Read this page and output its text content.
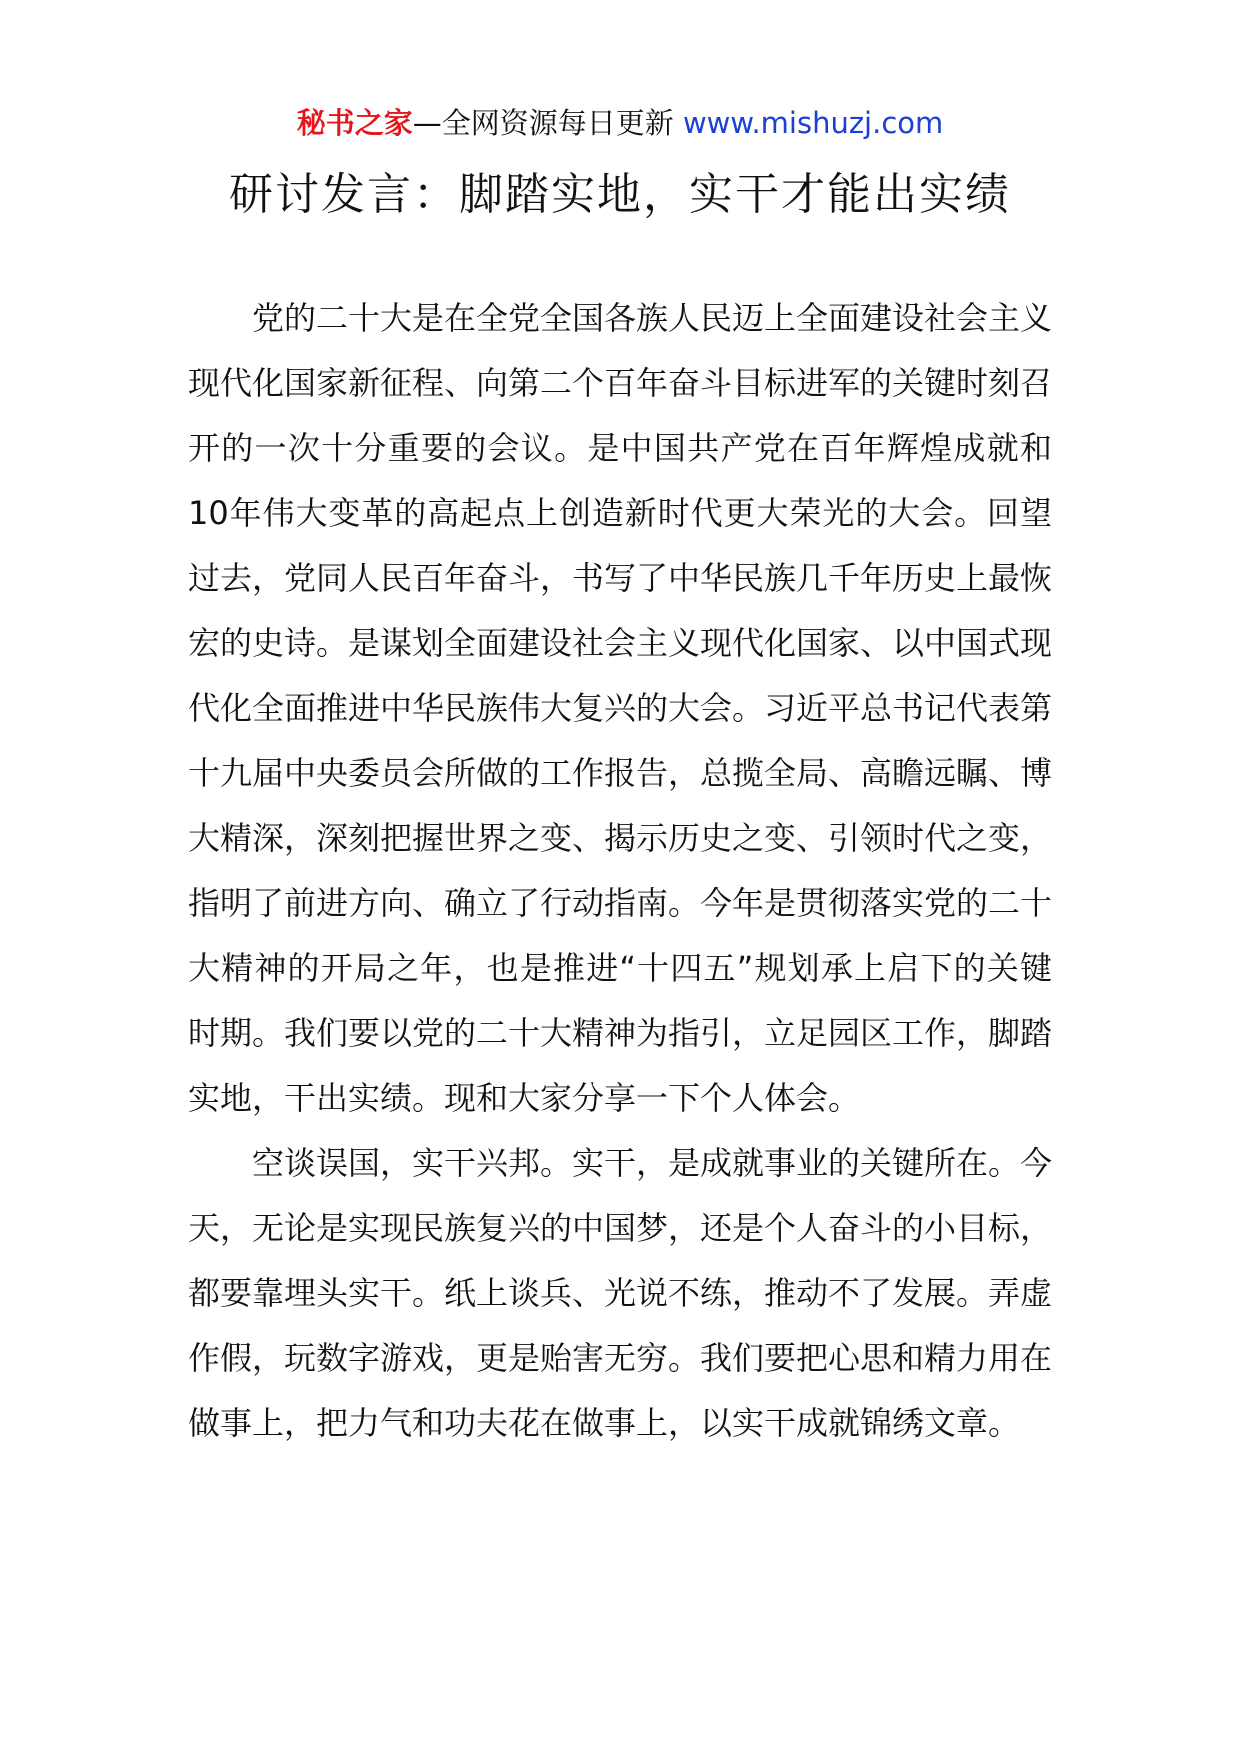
秘书之家—全网资源每日更新 www.mishuzj.com
研讨发言：脚踏实地，实干才能出实绩

党的二十大是在全党全国各族人民迈上全面建设社会主义现代化国家新征程、向第二个百年奋斗目标进军的关键时刻召开的一次十分重要的会议。是中国共产党在百年辉煌成就和10年伟大变革的高起点上创造新时代更大荣光的大会。回望过去，党同人民百年奋斗，书写了中华民族几千年历史上最恢宏的史诗。是谋划全面建设社会主义现代化国家、以中国式现代化全面推进中华民族伟大复兴的大会。习近平总书记代表第十九届中央委员会所做的工作报告，总揽全局、高瞻远瞩、博大精深，深刻把握世界之变、揭示历史之变、引领时代之变，指明了前进方向、确立了行动指南。今年是贯彻落实党的二十大精神的开局之年，也是推进“十四五”规划承上启下的关键时期。我们要以党的二十大精神为指引，立足园区工作，脚踏实地，干出实绩。现和大家分享一下个人体会。

空谈误国，实干兴邦。实干，是成就事业的关键所在。今天，无论是实现民族复兴的中国梦，还是个人奋斗的小目标，都要靠埋头实干。纸上谈兵、光说不练，推动不了发展。弄虚作假，玩数字游戏，更是贻害无穷。我们要把心思和精力用在做事上，把力气和功夫花在做事上，以实干成就锦绣文章。
